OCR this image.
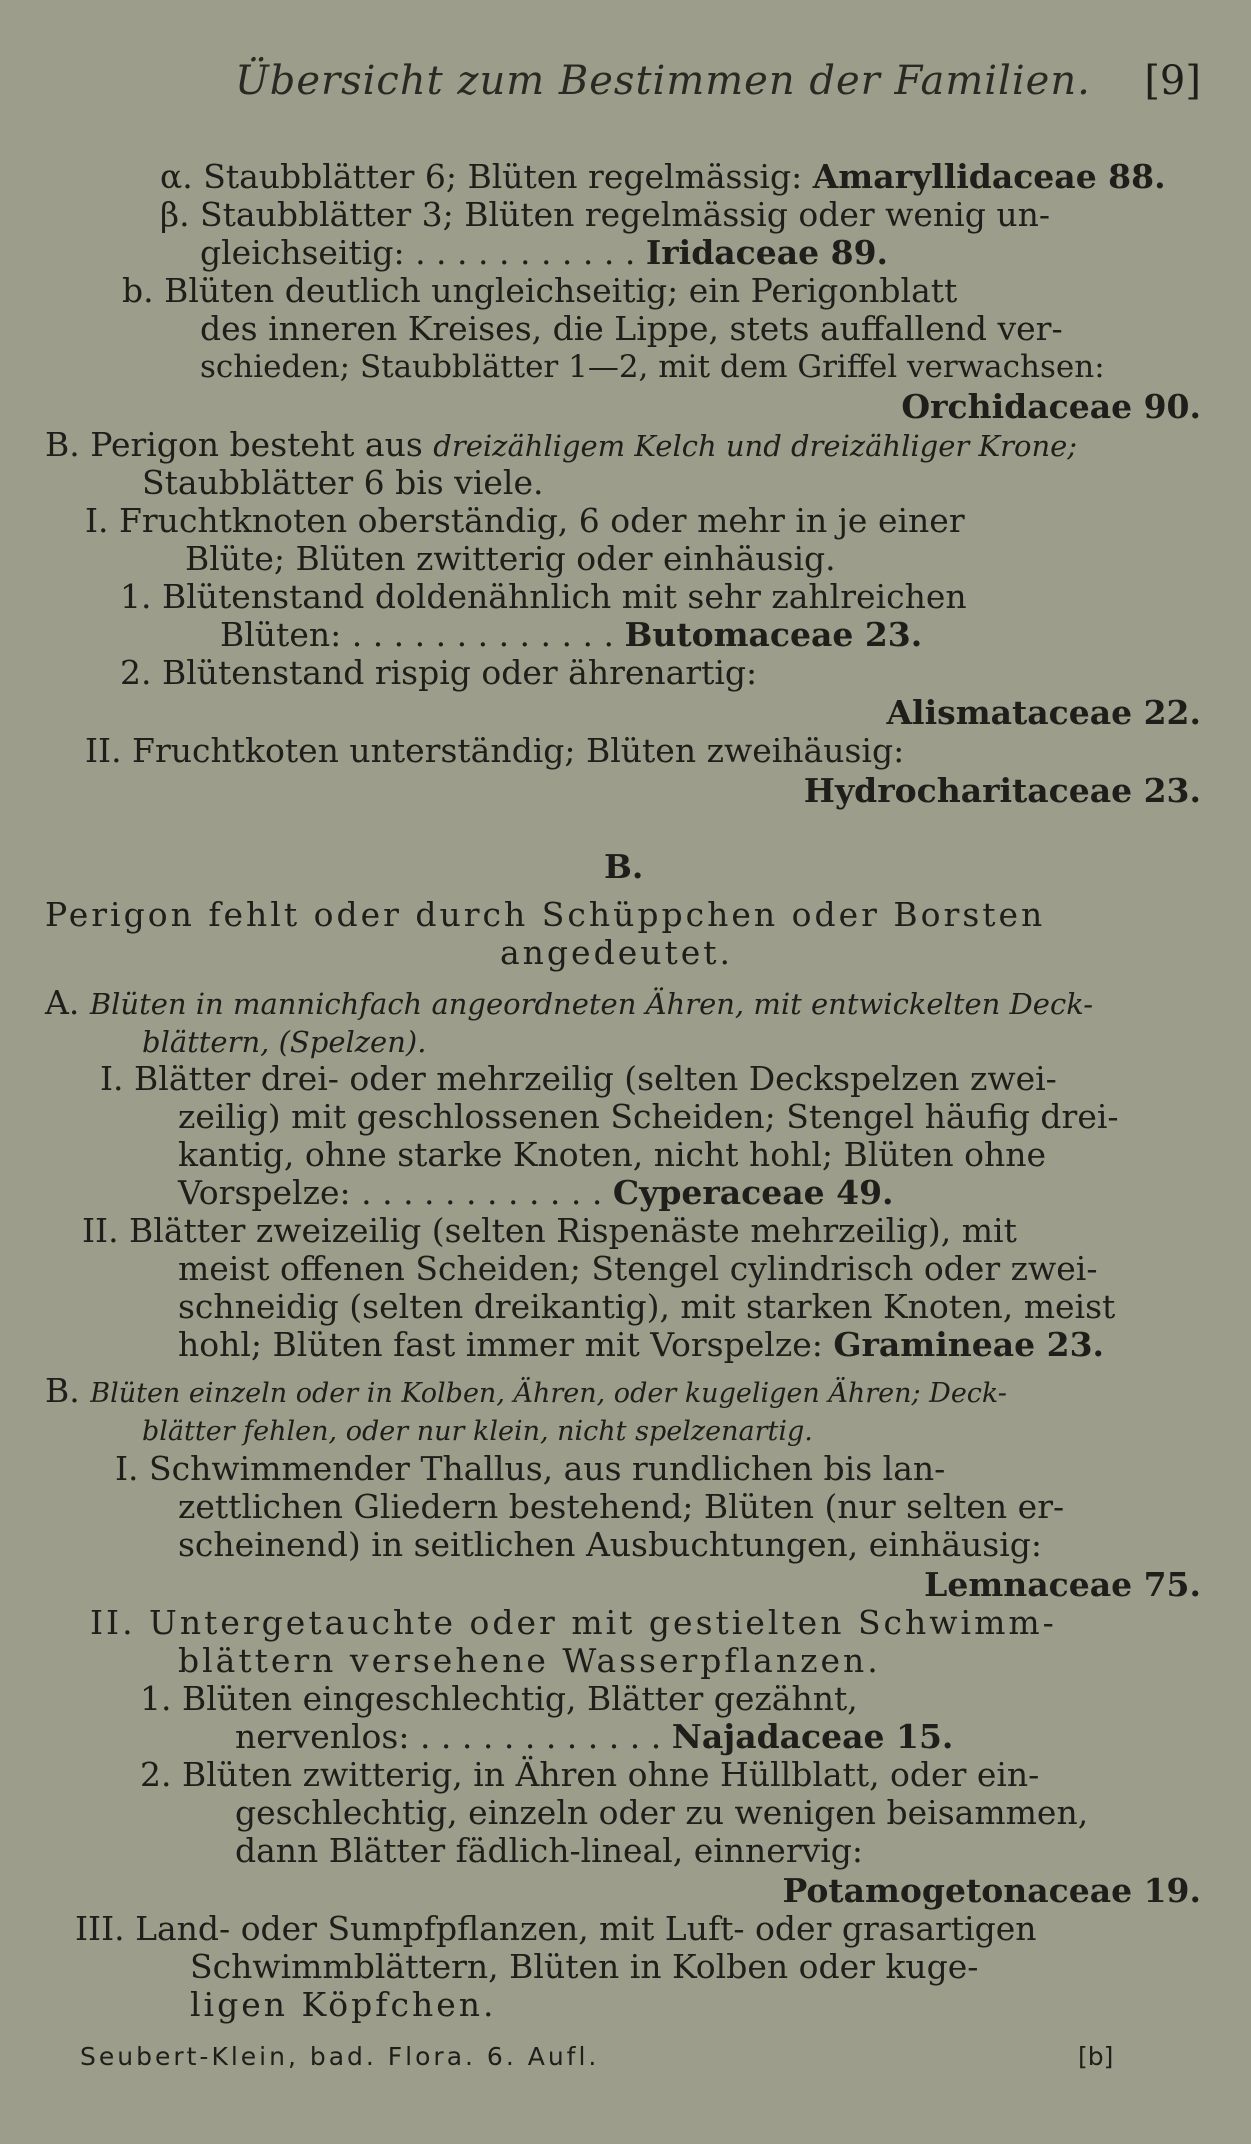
Übersicht zum Bestimmen der Familien. [9]
α. Staubblätter 6; Blüten regelmässig: Amaryllidaceae 88.
β. Staubblätter 3; Blüten regelmässig oder wenig un-
gleichseitig: . . . . . . . . . . . Iridaceae 89.
b. Blüten deutlich ungleichseitig; ein Perigonblatt
des inneren Kreises, die Lippe, stets auffallend ver-
schieden; Staubblätter 1—2, mit dem Griffel verwachsen:
Orchidaceae 90.
B. Perigon besteht aus dreizähligem Kelch und dreizähliger Krone;
Staubblätter 6 bis viele.
I. Fruchtknoten oberständig, 6 oder mehr in je einer
Blüte; Blüten zwitterig oder einhäusig.
1. Blütenstand doldenähnlich mit sehr zahlreichen
Blüten: . . . . . . . . . . . . . Butomaceae 23.
2. Blütenstand rispig oder ährenartig:
Alismataceae 22.
II. Fruchtkoten unterständig; Blüten zweihäusig:
Hydrocharitaceae 23.
B.
Perigon fehlt oder durch Schüppchen oder Borsten
angedeutet.
A. Blüten in mannichfach angeordneten Ähren, mit entwickelten Deck-
blättern, (Spelzen).
I. Blätter drei- oder mehrzeilig (selten Deckspelzen zwei-
zeilig) mit geschlossenen Scheiden; Stengel häufig drei-
kantig, ohne starke Knoten, nicht hohl; Blüten ohne
Vorspelze: . . . . . . . . . . . . Cyperaceae 49.
II. Blätter zweizeilig (selten Rispenäste mehrzeilig), mit
meist offenen Scheiden; Stengel cylindrisch oder zwei-
schneidig (selten dreikantig), mit starken Knoten, meist
hohl; Blüten fast immer mit Vorspelze: Gramineae 23.
B. Blüten einzeln oder in Kolben, Ähren, oder kugeligen Ähren; Deck-
blätter fehlen, oder nur klein, nicht spelzenartig.
I. Schwimmender Thallus, aus rundlichen bis lan-
zettlichen Gliedern bestehend; Blüten (nur selten er-
scheinend) in seitlichen Ausbuchtungen, einhäusig:
Lemnaceae 75.
II. Untergetauchte oder mit gestielten Schwimm-
blättern versehene Wasserpflanzen.
1. Blüten eingeschlechtig, Blätter gezähnt,
nervenlos: . . . . . . . . . . . . Najadaceae 15.
2. Blüten zwitterig, in Ähren ohne Hüllblatt, oder ein-
geschlechtig, einzeln oder zu wenigen beisammen,
dann Blätter fädlich-lineal, einnervig:
Potamogetonaceae 19.
III. Land- oder Sumpfpflanzen, mit Luft- oder grasartigen
Schwimmblättern, Blüten in Kolben oder kuge-
ligen Köpfchen.
Seubert-Klein, bad. Flora. 6. Aufl.	[b]
